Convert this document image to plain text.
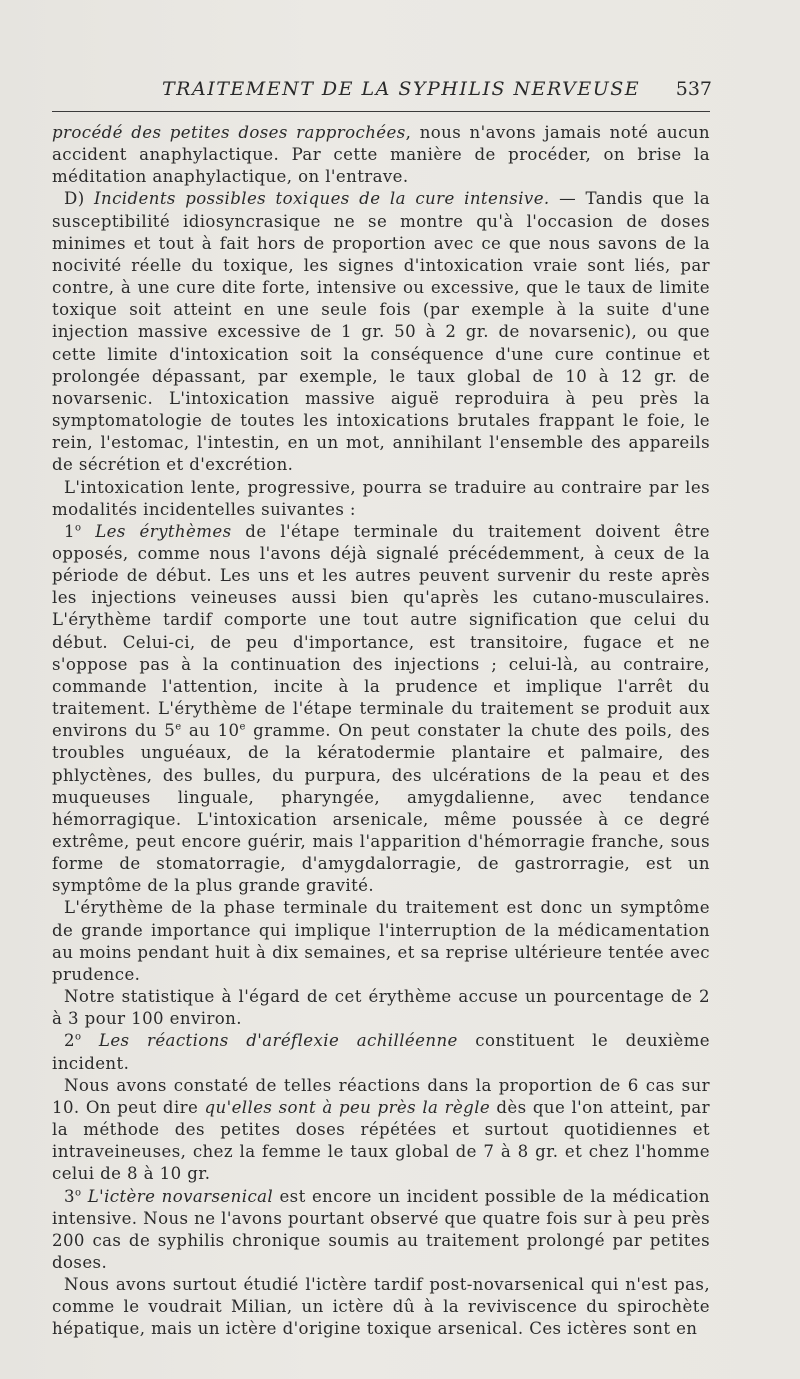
TRAITEMENT DE LA SYPHILIS NERVEUSE 537

procédé des petites doses rapprochées, nous n'avons jamais noté aucun accident anaphylactique. Par cette manière de procéder, on brise la méditation anaphylactique, on l'entrave.

D) Incidents possibles toxiques de la cure intensive. — Tandis que la susceptibilité idiosyncrasique ne se montre qu'à l'occasion de doses minimes et tout à fait hors de proportion avec ce que nous savons de la nocivité réelle du toxique, les signes d'intoxication vraie sont liés, par contre, à une cure dite forte, intensive ou excessive, que le taux de limite toxique soit atteint en une seule fois (par exemple à la suite d'une injection massive excessive de 1 gr. 50 à 2 gr. de novarsenic), ou que cette limite d'intoxication soit la conséquence d'une cure continue et prolongée dépassant, par exemple, le taux global de 10 à 12 gr. de novarsenic. L'intoxication massive aiguë reproduira à peu près la symptomatologie de toutes les intoxications brutales frappant le foie, le rein, l'estomac, l'intestin, en un mot, annihilant l'ensemble des appareils de sécrétion et d'excrétion.

L'intoxication lente, progressive, pourra se traduire au contraire par les modalités incidentelles suivantes :

1$^o$ Les érythèmes de l'étape terminale du traitement doivent être opposés, comme nous l'avons déjà signalé précédemment, à ceux de la période de début. Les uns et les autres peuvent survenir du reste après les injections veineuses aussi bien qu'après les cutano-musculaires. L'érythème tardif comporte une tout autre signification que celui du début. Celui-ci, de peu d'importance, est transitoire, fugace et ne s'oppose pas à la continuation des injections ; celui-là, au contraire, commande l'attention, incite à la prudence et implique l'arrêt du traitement. L'érythème de l'étape terminale du traitement se produit aux environs du 5e au 10e gramme. On peut constater la chute des poils, des troubles unguéaux, de la kératodermie plantaire et palmaire, des phlyctènes, des bulles, du purpura, des ulcérations de la peau et des muqueuses linguale, pharyngée, amygdalienne, avec tendance hémorragique. L'intoxication arsenicale, même poussée à ce degré extrême, peut encore guérir, mais l'apparition d'hémorragie franche, sous forme de stomatorragie, d'amygdalorragie, de gastrorragie, est un symptôme de la plus grande gravité.

L'érythème de la phase terminale du traitement est donc un symptôme de grande importance qui implique l'interruption de la médicamentation au moins pendant huit à dix semaines, et sa reprise ultérieure tentée avec prudence.

Notre statistique à l'égard de cet érythème accuse un pourcentage de 2 à 3 pour 100 environ.

2$^o$ Les réactions d'aréflexie achilléenne constituent le deuxième incident.

Nous avons constaté de telles réactions dans la proportion de 6 cas sur 10. On peut dire qu'elles sont à peu près la règle dès que l'on atteint, par la méthode des petites doses répétées et surtout quotidiennes et intraveineuses, chez la femme le taux global de 7 à 8 gr. et chez l'homme celui de 8 à 10 gr.

3$^o$ L'ictère novarsenical est encore un incident possible de la médication intensive. Nous ne l'avons pourtant observé que quatre fois sur à peu près 200 cas de syphilis chronique soumis au traitement prolongé par petites doses.

Nous avons surtout étudié l'ictère tardif post-novarsenical qui n'est pas, comme le voudrait Milian, un ictère dû à la reviviscence du spirochète hépatique, mais un ictère d'origine toxique arsenical. Ces ictères sont en
